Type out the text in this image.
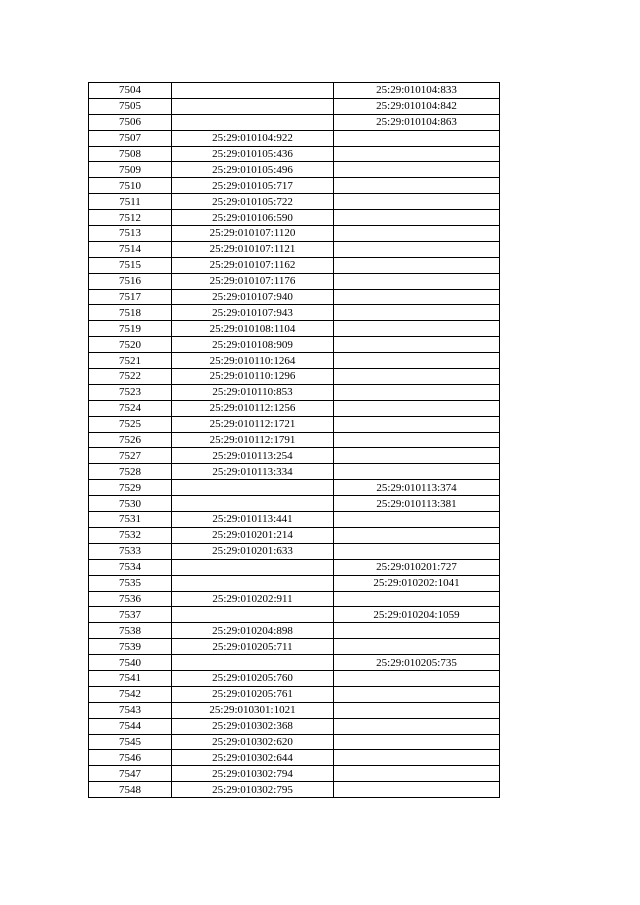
7504		25:29:010104:833
7505		25:29:010104:842
7506		25:29:010104:863
7507	25:29:010104:922	
7508	25:29:010105:436	
7509	25:29:010105:496	
7510	25:29:010105:717	
7511	25:29:010105:722	
7512	25:29:010106:590	
7513	25:29:010107:1120	
7514	25:29:010107:1121	
7515	25:29:010107:1162	
7516	25:29:010107:1176	
7517	25:29:010107:940	
7518	25:29:010107:943	
7519	25:29:010108:1104	
7520	25:29:010108:909	
7521	25:29:010110:1264	
7522	25:29:010110:1296	
7523	25:29:010110:853	
7524	25:29:010112:1256	
7525	25:29:010112:1721	
7526	25:29:010112:1791	
7527	25:29:010113:254	
7528	25:29:010113:334	
7529		25:29:010113:374
7530		25:29:010113:381
7531	25:29:010113:441	
7532	25:29:010201:214	
7533	25:29:010201:633	
7534		25:29:010201:727
7535		25:29:010202:1041
7536	25:29:010202:911	
7537		25:29:010204:1059
7538	25:29:010204:898	
7539	25:29:010205:711	
7540		25:29:010205:735
7541	25:29:010205:760	
7542	25:29:010205:761	
7543	25:29:010301:1021	
7544	25:29:010302:368	
7545	25:29:010302:620	
7546	25:29:010302:644	
7547	25:29:010302:794	
7548	25:29:010302:795	
